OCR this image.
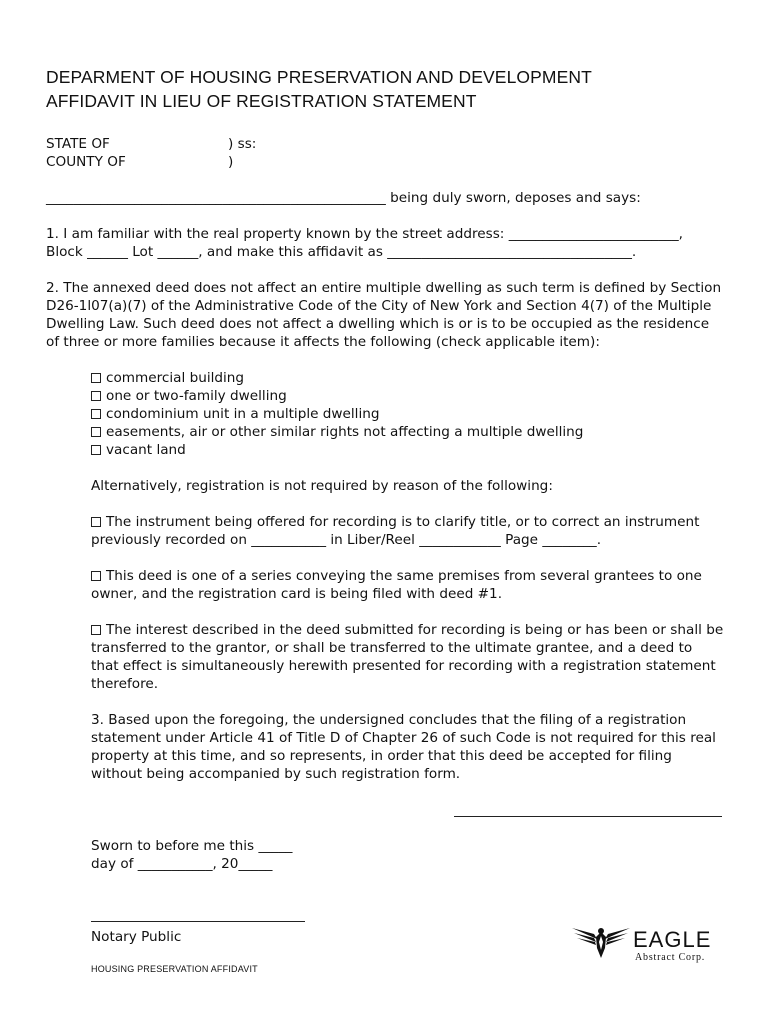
DEPARMENT OF HOUSING PRESERVATION AND DEVELOPMENT
AFFIDAVIT IN LIEU OF REGISTRATION STATEMENT
STATE OF	) ss:
COUNTY OF	)
__________________________________________________ being duly sworn, deposes and says:
1. I am familiar with the real property known by the street address: _________________________,
Block ______ Lot ______, and make this affidavit as ____________________________________.
2. The annexed deed does not affect an entire multiple dwelling as such term is defined by Section
D26-1l07(a)(7) of the Administrative Code of the City of New York and Section 4(7) of the Multiple
Dwelling Law. Such deed does not affect a dwelling which is or is to be occupied as the residence
of three or more families because it affects the following (check applicable item):
commercial building
one or two-family dwelling
condominium unit in a multiple dwelling
easements, air or other similar rights not affecting a multiple dwelling
vacant land
Alternatively, registration is not required by reason of the following:
The instrument being offered for recording is to clarify title, or to correct an instrument
previously recorded on ___________ in Liber/Reel ____________ Page ________.
This deed is one of a series conveying the same premises from several grantees to one
owner, and the registration card is being filed with deed #1.
The interest described in the deed submitted for recording is being or has been or shall be
transferred to the grantor, or shall be transferred to the ultimate grantee, and a deed to
that effect is simultaneously herewith presented for recording with a registration statement
therefore.
3. Based upon the foregoing, the undersigned concludes that the filing of a registration
statement under Article 41 of Title D of Chapter 26 of such Code is not required for this real
property at this time, and so represents, in order that this deed be accepted for filing
without being accompanied by such registration form.
Sworn to before me this _____
day of ___________, 20_____
Notary Public
HOUSING PRESERVATION AFFIDAVIT
EAGLE
Abstract Corp.
